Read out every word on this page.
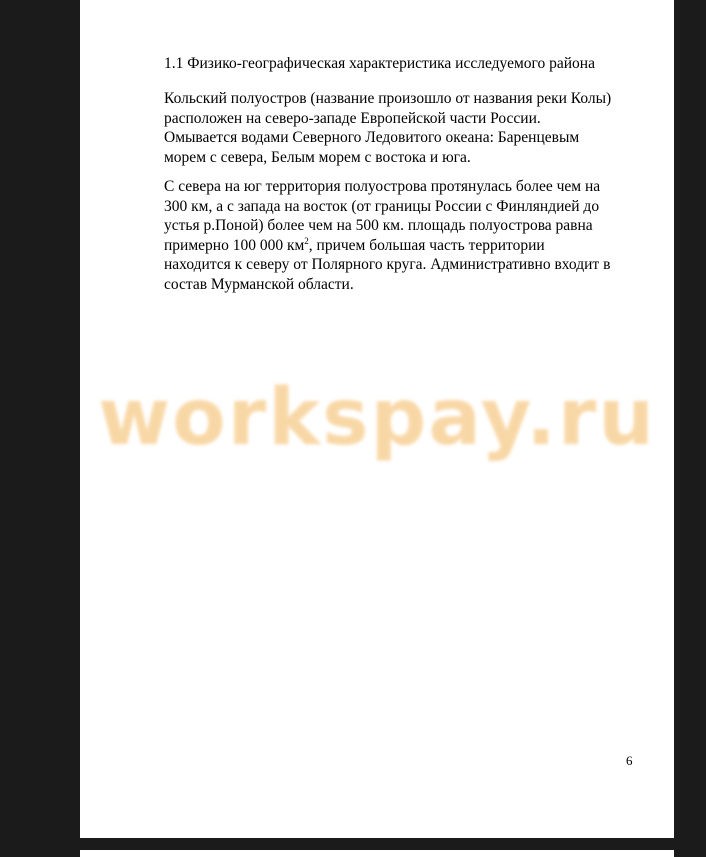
1.1 Физико-географическая характеристика исследуемого района

Кольский полуостров (название произошло от названия реки Колы)
расположен на северо-западе Европейской части России.
Омывается водами Северного Ледовитого океана: Баренцевым
морем с севера, Белым морем с востока и юга.

С севера на юг территория полуострова протянулась более чем на
300 км, а с запада на восток (от границы России с Финляндией до
устья р.Поной) более чем на 500 км. площадь полуострова равна
примерно 100 000 $км^2$, причем большая часть территории
находится к северу от Полярного круга. Административно входит в
состав Мурманской области.

workspay.ru
6
